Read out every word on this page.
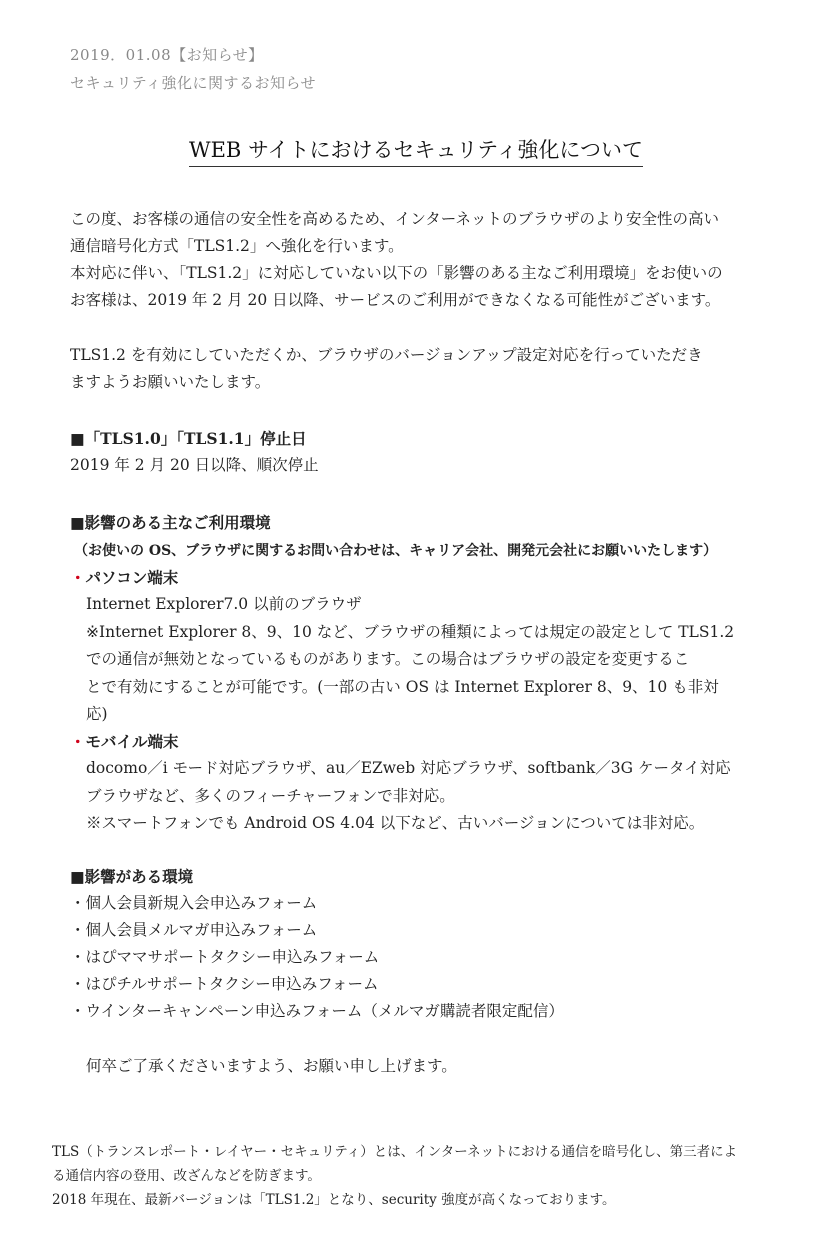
2019．01.08【お知らせ】
セキュリティ強化に関するお知らせ
WEB サイトにおけるセキュリティ強化について
この度、お客様の通信の安全性を高めるため、インターネットのブラウザのより安全性の高い
通信暗号化方式「TLS1.2」へ強化を行います。
本対応に伴い、「TLS1.2」に対応していない以下の「影響のある主なご利用環境」をお使いの
お客様は、2019 年 2 月 20 日以降、サービスのご利用ができなくなる可能性がございます。
TLS1.2 を有効にしていただくか、ブラウザのバージョンアップ設定対応を行っていただき
ますようお願いいたします。
■「TLS1.0」「TLS1.1」停止日
2019 年 2 月 20 日以降、順次停止
■影響のある主なご利用環境
（お使いの OS、ブラウザに関するお問い合わせは、キャリア会社、開発元会社にお願いいたします）
・パソコン端末
Internet Explorer7.0 以前のブラウザ
※Internet Explorer 8、9、10 など、ブラウザの種類によっては規定の設定として TLS1.2
での通信が無効となっているものがあります。この場合はブラウザの設定を変更するこ
とで有効にすることが可能です。(一部の古い OS は Internet Explorer 8、9、10 も非対
応)
・モバイル端末
docomo／i モード対応ブラウザ、au／EZweb 対応ブラウザ、softbank／3G ケータイ対応
ブラウザなど、多くのフィーチャーフォンで非対応。
※スマートフォンでも Android OS 4.04 以下など、古いバージョンについては非対応。
■影響がある環境
・個人会員新規入会申込みフォーム
・個人会員メルマガ申込みフォーム
・はぴママサポートタクシー申込みフォーム
・はぴチルサポートタクシー申込みフォーム
・ウインターキャンペーン申込みフォーム（メルマガ購読者限定配信）
何卒ご了承くださいますよう、お願い申し上げます。
TLS（トランスレポート・レイヤー・セキュリティ）とは、インターネットにおける通信を暗号化し、第三者によ
る通信内容の登用、改ざんなどを防ぎます。
2018 年現在、最新バージョンは「TLS1.2」となり、security 強度が高くなっております。
